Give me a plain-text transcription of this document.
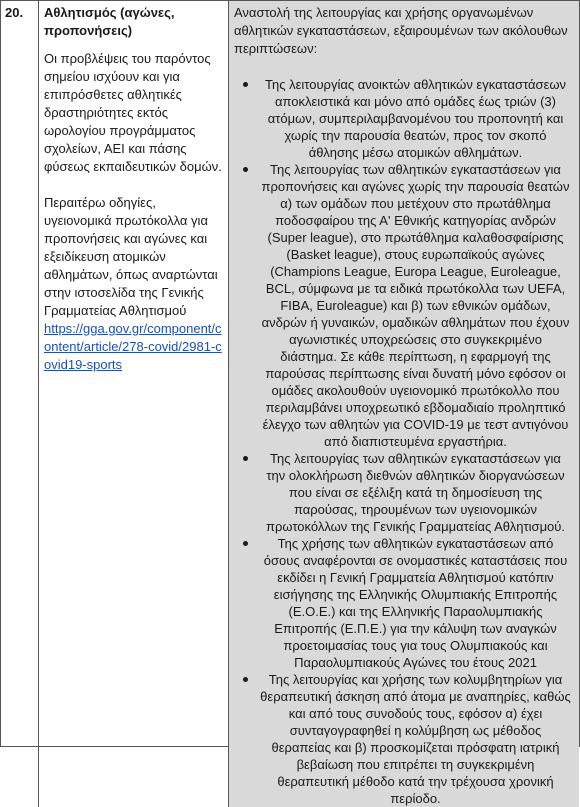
20.	Αθλητισμός (αγώνες, προπονήσεις)

Οι προβλέψεις του παρόντος σημείου ισχύουν και για επιπρόσθετες αθλητικές δραστηριότητες εκτός ωρολογίου προγράμματος σχολείων, ΑΕΙ και πάσης φύσεως εκπαιδευτικών δομών.

Περαιτέρω οδηγίες, υγειονομικά πρωτόκολλα για προπονήσεις και αγώνες και εξειδίκευση ατομικών αθλημάτων, όπως αναρτώνται στην ιστοσελίδα της Γενικής Γραμματείας Αθλητισμού
https://gga.gov.gr/component/content/article/278-covid/2981-covid19-sports

Αναστολή της λειτουργίας και χρήσης οργανωμένων αθλητικών εγκαταστάσεων, εξαιρουμένων των ακόλουθων περιπτώσεων:

Της λειτουργίας ανοικτών αθλητικών εγκαταστάσεων αποκλειστικά και μόνο από ομάδες έως τριών (3) ατόμων, συμπεριλαμβανομένου του προπονητή και χωρίς την παρουσία θεατών, προς τον σκοπό άθλησης μέσω ατομικών αθλημάτων.
Της λειτουργίας των αθλητικών εγκαταστάσεων για προπονήσεις και αγώνες χωρίς την παρουσία θεατών α) των ομάδων που μετέχουν στο πρωτάθλημα ποδοσφαίρου της Α' Εθνικής κατηγορίας ανδρών (Super league), στο πρωτάθλημα καλαθοσφαίρισης (Basket league), στους ευρωπαϊκούς αγώνες (Champions League, Europa League, Euroleague, BCL, σύμφωνα με τα ειδικά πρωτόκολλα των UEFA, FIBA, Euroleague) και β) των εθνικών ομάδων, ανδρών ή γυναικών, ομαδικών αθλημάτων που έχουν αγωνιστικές υποχρεώσεις στο συγκεκριμένο διάστημα. Σε κάθε περίπτωση, η εφαρμογή της παρούσας περίπτωσης είναι δυνατή μόνο εφόσον οι ομάδες ακολουθούν υγειονομικό πρωτόκολλο που περιλαμβάνει υποχρεωτικό εβδομαδιαίο προληπτικό έλεγχο των αθλητών για COVID-19 με τεστ αντιγόνου από διαπιστευμένα εργαστήρια.
Της λειτουργίας των αθλητικών εγκαταστάσεων για την ολοκλήρωση διεθνών αθλητικών διοργανώσεων που είναι σε εξέλιξη κατά τη δημοσίευση της παρούσας, τηρουμένων των υγειονομικών πρωτοκόλλων της Γενικής Γραμματείας Αθλητισμού.
Της χρήσης των αθλητικών εγκαταστάσεων από όσους αναφέρονται σε ονομαστικές καταστάσεις που εκδίδει η Γενική Γραμματεία Αθλητισμού κατόπιν εισήγησης της Ελληνικής Ολυμπιακής Επιτροπής (Ε.Ο.Ε.) και της Ελληνικής Παραολυμπιακής Επιτροπής (Ε.Π.Ε.) για την κάλυψη των αναγκών προετοιμασίας τους για τους Ολυμπιακούς και Παραολυμπιακούς Αγώνες του έτους 2021
Της λειτουργίας και χρήσης των κολυμβητηρίων για θεραπευτική άσκηση από άτομα με αναπηρίες, καθώς και από τους συνοδούς τους, εφόσον α) έχει συνταγογραφηθεί η κολύμβηση ως μέθοδος θεραπείας και β) προσκομίζεται πρόσφατη ιατρική βεβαίωση που επιτρέπει τη συγκεκριμένη θεραπευτική μέθοδο κατά την τρέχουσα χρονική περίοδο.
